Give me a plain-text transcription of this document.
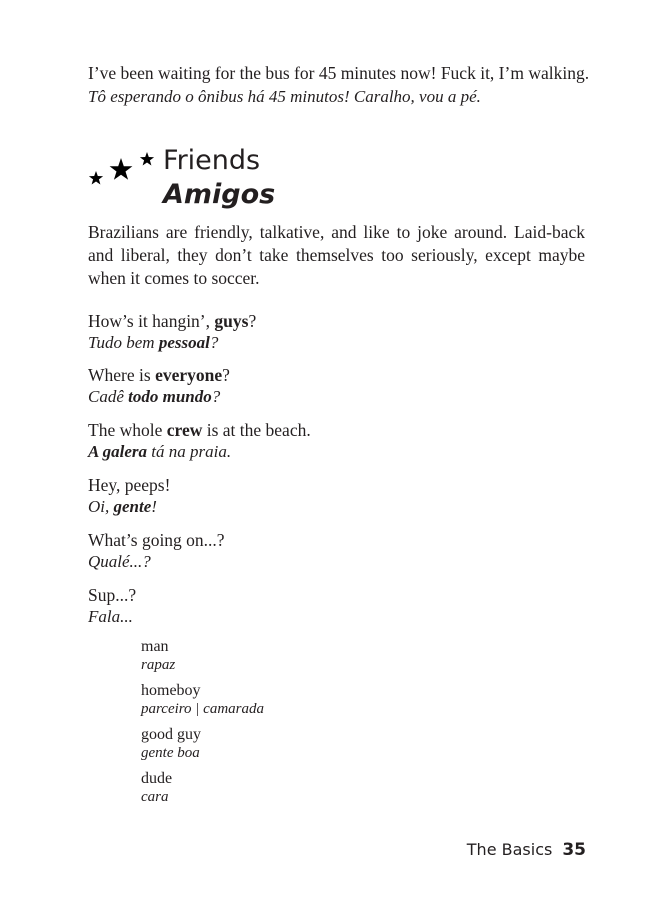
I’ve been waiting for the bus for 45 minutes now! Fuck it, I’m walking.
Tô esperando o ônibus há 45 minutos! Caralho, vou a pé.
Friends
Amigos
Brazilians are friendly, talkative, and like to joke around. Laid-back and liberal, they don’t take themselves too seriously, except maybe when it comes to soccer.
How’s it hangin’, guys?
Tudo bem pessoal?
Where is everyone?
Cadê todo mundo?
The whole crew is at the beach.
A galera tá na praia.
Hey, peeps!
Oi, gente!
What’s going on...?
Qualé...?
Sup...?
Fala...
man
rapaz
homeboy
parceiro | camarada
good guy
gente boa
dude
cara
The Basics 35
